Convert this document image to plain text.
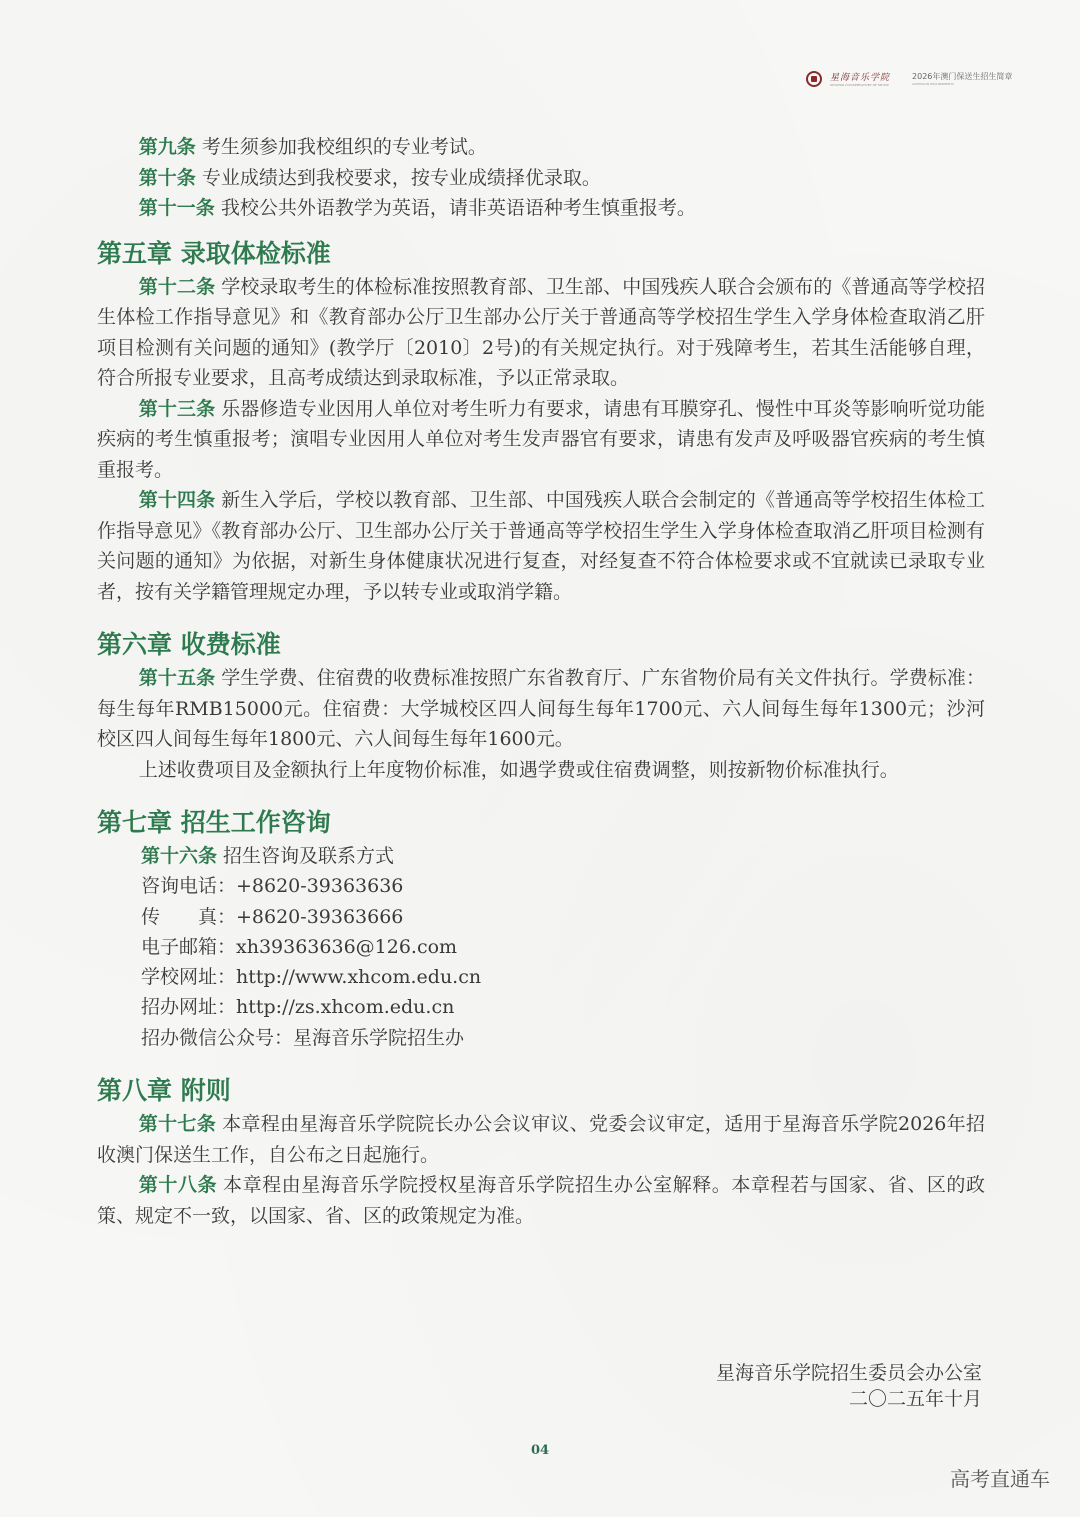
星海音乐学院
XINGHAI CONSERVATORY OF MUSIC
2026年澳门保送生招生简章
ADMISSION REQUIREMENTS

第九条 考生须参加我校组织的专业考试。

第十条 专业成绩达到我校要求，按专业成绩择优录取。

第十一条 我校公共外语教学为英语，请非英语语种考生慎重报考。

第五章 录取体检标准

第十二条 学校录取考生的体检标准按照教育部、卫生部、中国残疾人联合会颁布的《普通高等学校招生体检工作指导意见》和《教育部办公厅卫生部办公厅关于普通高等学校招生学生入学身体检查取消乙肝项目检测有关问题的通知》(教学厅〔2010〕2号)的有关规定执行。对于残障考生，若其生活能够自理，符合所报专业要求，且高考成绩达到录取标准，予以正常录取。

第十三条 乐器修造专业因用人单位对考生听力有要求，请患有耳膜穿孔、慢性中耳炎等影响听觉功能疾病的考生慎重报考；演唱专业因用人单位对考生发声器官有要求，请患有发声及呼吸器官疾病的考生慎重报考。

第十四条 新生入学后，学校以教育部、卫生部、中国残疾人联合会制定的《普通高等学校招生体检工作指导意见》《教育部办公厅、卫生部办公厅关于普通高等学校招生学生入学身体检查取消乙肝项目检测有关问题的通知》为依据，对新生身体健康状况进行复查，对经复查不符合体检要求或不宜就读已录取专业者，按有关学籍管理规定办理，予以转专业或取消学籍。

第六章 收费标准

第十五条 学生学费、住宿费的收费标准按照广东省教育厅、广东省物价局有关文件执行。学费标准：每生每年RMB15000元。住宿费：大学城校区四人间每生每年1700元、六人间每生每年1300元；沙河校区四人间每生每年1800元、六人间每生每年1600元。

上述收费项目及金额执行上年度物价标准，如遇学费或住宿费调整，则按新物价标准执行。

第七章 招生工作咨询
第十六条 招生咨询及联系方式
咨询电话：+8620-39363636
传　　真：+8620-39363666
电子邮箱：xh39363636@126.com
学校网址：http://www.xhcom.edu.cn
招办网址：http://zs.xhcom.edu.cn
招办微信公众号：星海音乐学院招生办
第八章 附则

第十七条 本章程由星海音乐学院院长办公会议审议、党委会议审定，适用于星海音乐学院2026年招收澳门保送生工作，自公布之日起施行。

第十八条 本章程由星海音乐学院授权星海音乐学院招生办公室解释。本章程若与国家、省、区的政策、规定不一致，以国家、省、区的政策规定为准。

星海音乐学院招生委员会办公室
二〇二五年十月
04
高考直通车
